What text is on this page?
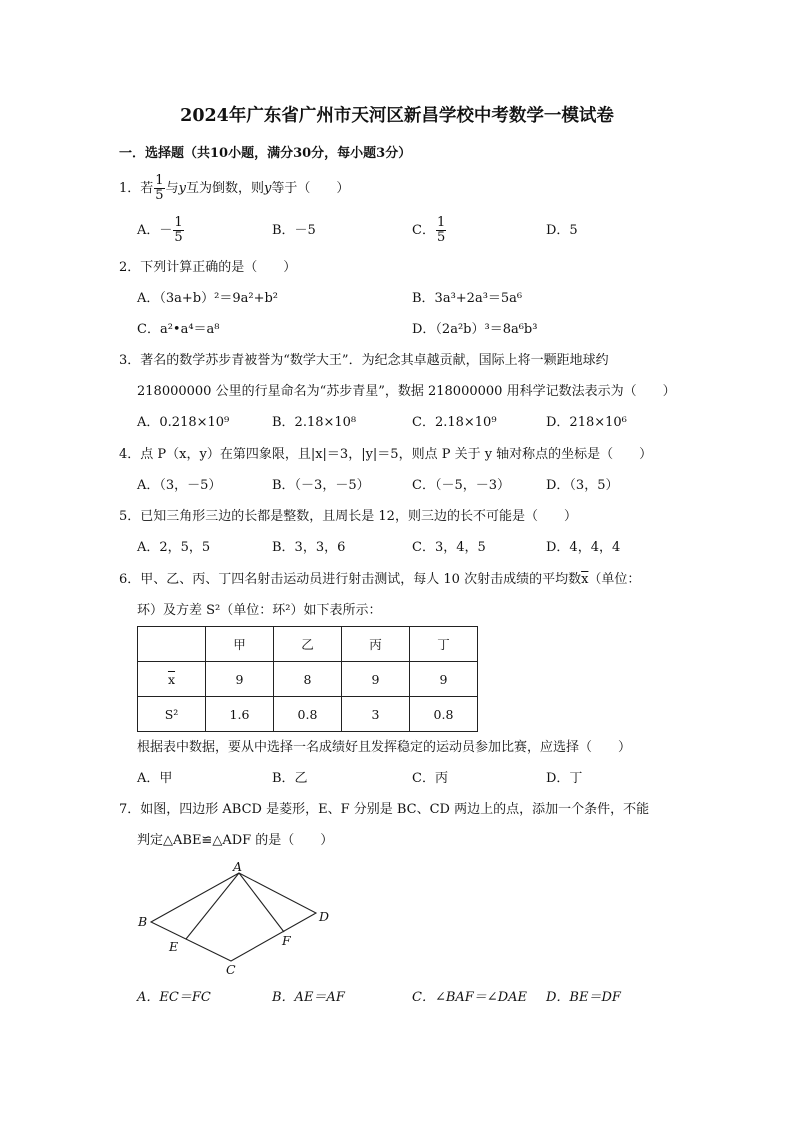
2024年广东省广州市天河区新昌学校中考数学一模试卷
一．选择题（共10小题，满分30分，每小题3分）
1．若 $\frac{1}{5}$ 与y互为倒数，则y等于（　　）
A．－ $\frac{1}{5}$	B．－5	C． $\frac{1}{5}$	D．5
2．下列计算正确的是（　　）
A．（3a+b）²＝9a²+b²	B．3a³+2a³＝5a⁶
C．a²•a⁴＝a⁸	D．（2a²b）³＝8a⁶b³
3．著名的数学苏步青被誉为“数学大王”．为纪念其卓越贡献，国际上将一颗距地球约
218000000 公里的行星命名为“苏步青星”，数据 218000000 用科学记数法表示为（　　）
A．0.218×10⁹	B．2.18×10⁸	C．2.18×10⁹	D．218×10⁶
4．点 P（x，y）在第四象限，且|x|＝3，|y|＝5，则点 P 关于 y 轴对称点的坐标是（　　）
A．（3，－5）	B．（－3，－5）	C．（－5，－3）	D．（3，5）
5．已知三角形三边的长都是整数，且周长是 12，则三边的长不可能是（　　）
A．2，5，5	B．3，3，6	C．3，4，5	D．4，4，4
6．甲、乙、丙、丁四名射击运动员进行射击测试，每人 10 次射击成绩的平均数$\overline{x}$（单位：
环）及方差 S²（单位：环²）如下表所示：
	甲	乙	丙	丁
$\overline{x}$	9	8	9	9
S²	1.6	0.8	3	0.8
根据表中数据，要从中选择一名成绩好且发挥稳定的运动员参加比赛，应选择（　　）
A．甲	B．乙	C．丙	D．丁
7．如图，四边形 ABCD 是菱形，E、F 分别是 BC、CD 两边上的点，添加一个条件，不能
判定△ABE≌△ADF 的是（　　）
A
B
C
D
E	F
A．EC＝FC	B．AE＝AF	C．∠BAF＝∠DAE D．BE＝DF
